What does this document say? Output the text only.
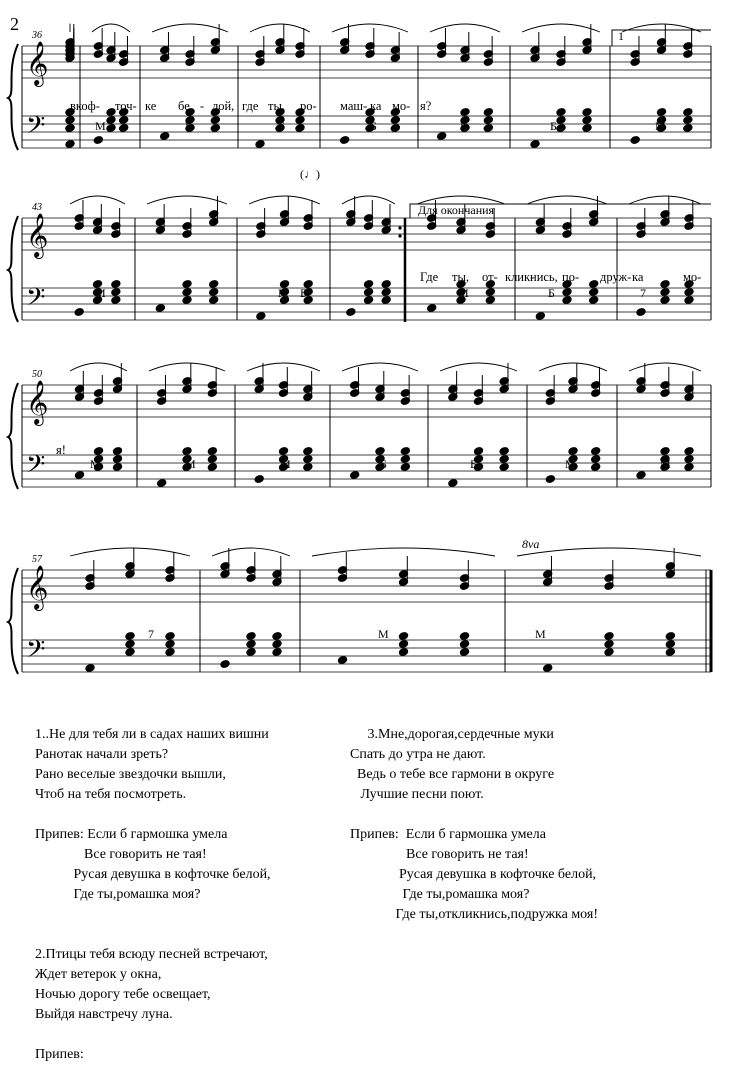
𝄞
𝄢
36
вкоф- точ- ке бе - лой, где ты, ро- маш- ка мо- я?
М	Б	Б	Б	Б	Б	М
1
(♩)
𝄞
𝄢
43
Где ты, от- клик-
нись, по- друж- ка	мо-
М	7	М Б	М	Б	7
Для окончания
𝄞
𝄢
50
я!
М	М	М	Б	Б	М	М
𝄞
𝄢
57
7	М	М
8va
2
1..Не для тебя ли в садах наших вишни
Ранотак начали зреть?
Рано веселые звездочки вышли,
Чтоб на тебя посмотреть.
Припев: Если б гармошка умела
Все говорить не тая!
Русая девушка в кофточке белой,
Где ты,ромашка моя?
2.Птицы тебя всюду песней встречают,
Ждет ветерок у окна,
Ночью дорогу тебе освещает,
Выйдя навстречу луна.
Припев:
3.Мне,дорогая,сердечные муки
Спать до утра не дают.
Ведь о тебе все гармони в округе
Лучшие песни поют.
Припев:  Если б гармошка умела
Все говорить не тая!
Русая девушка в кофточке белой,
Где ты,ромашка моя?
Где ты,откликнись,подружка моя!
